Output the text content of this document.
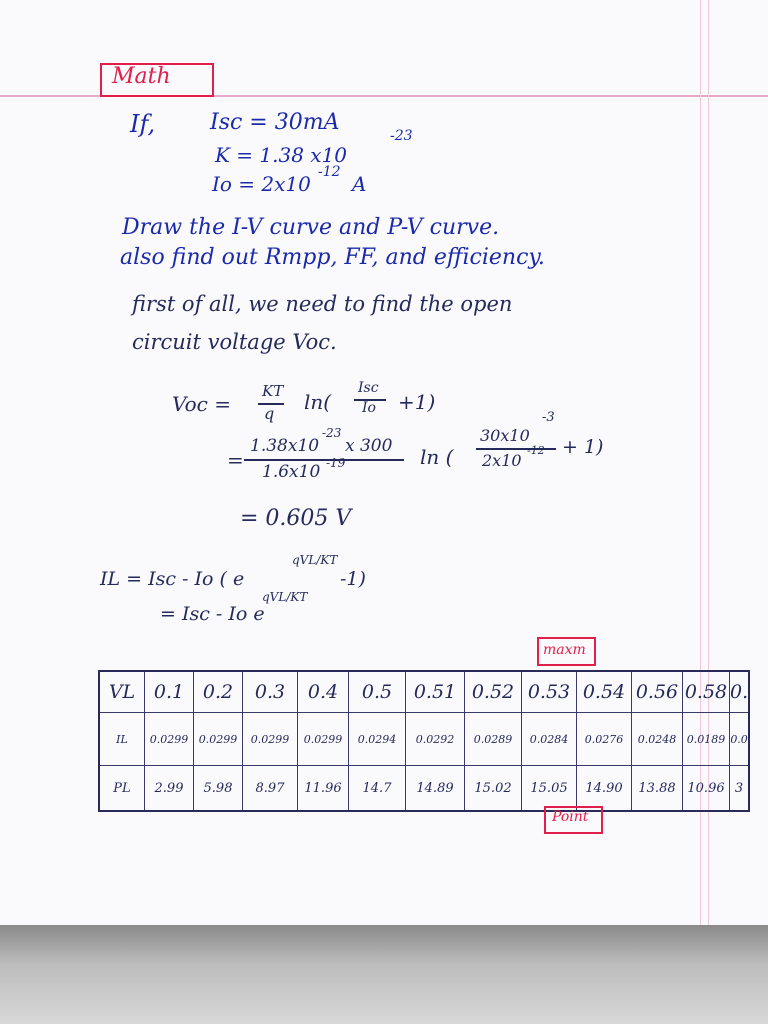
Math
If, Isc = 30mA
K = 1.38 x10
-23
Io = 2x10 -12 A
Draw the I-V curve and P-V curve.
also find out Rmpp, FF, and efficiency.
first of all, we need to find the open
circuit voltage Voc.
Voc =
KT
q ln(
Isc
Io +1)
=
1.38x10
-23
x 300
1.6x10 -19	ln (
30x10
-3
2x10
-12 + 1)
= 0.605 V
IL = Isc - Io ( e
qVL/KT
-1)
= Isc - Io e
qVL/KT
maxm
VL	0.1	0.2	0.3	0.4	0.5	0.51	0.52	0.53	0.54	0.56	0.58	0.
IL	0.0299	0.0299	0.0299	0.0299	0.0294	0.0292	0.0289	0.0284	0.0276	0.0248	0.0189	0.0
PL	2.99	5.98	8.97	11.96	14.7	14.89	15.02	15.05	14.90	13.88	10.96	3
Point
